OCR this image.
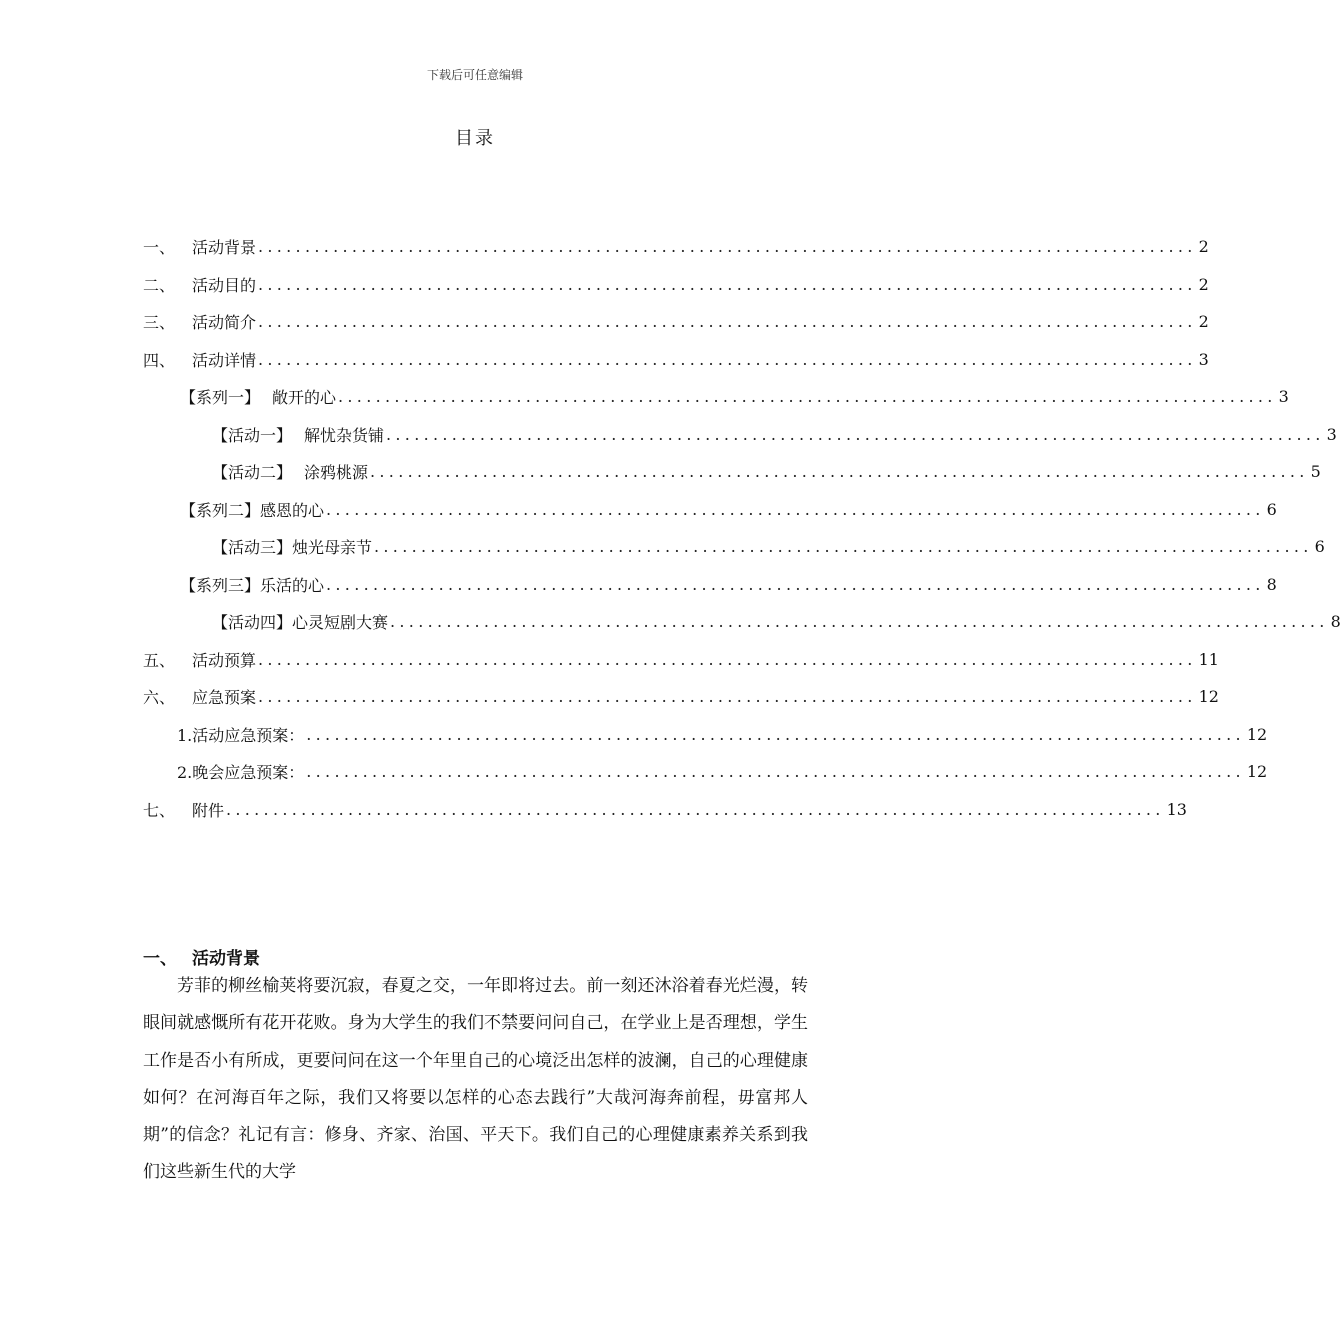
下载后可任意编辑
目录
一、 活动背景 .................................................................................................... 2
二、 活动目的 .................................................................................................... 2
三、 活动简介 .................................................................................................... 2
四、 活动详情 .................................................................................................... 3
【系列一】 敞开的心 .................................................................................................... 3
【活动一】 解忧杂货铺 .................................................................................................... 3
【活动二】 涂鸦桃源 .................................................................................................... 5
【系列二】感恩的心 .................................................................................................... 6
【活动三】烛光母亲节 .................................................................................................... 6
【系列三】乐活的心 .................................................................................................... 8
【活动四】心灵短剧大赛 .................................................................................................... 8
五、 活动预算 .................................................................................................... 11
六、 应急预案 .................................................................................................... 12
1.活动应急预案： .................................................................................................... 12
2.晚会应急预案： .................................................................................................... 12
七、 附件 .................................................................................................... 13
一、 活动背景

芳菲的柳丝榆荚将要沉寂，春夏之交，一年即将过去。前一刻还沐浴着春光烂漫，转眼间就感慨所有花开花败。身为大学生的我们不禁要问问自己，在学业上是否理想，学生工作是否小有所成，更要问问在这一个年里自己的心境泛出怎样的波澜，自己的心理健康如何？在河海百年之际，我们又将要以怎样的心态去践行”大哉河海奔前程，毋富邦人期”的信念？礼记有言：修身、齐家、治国、平天下。我们自己的心理健康素养关系到我们这些新生代的大学
